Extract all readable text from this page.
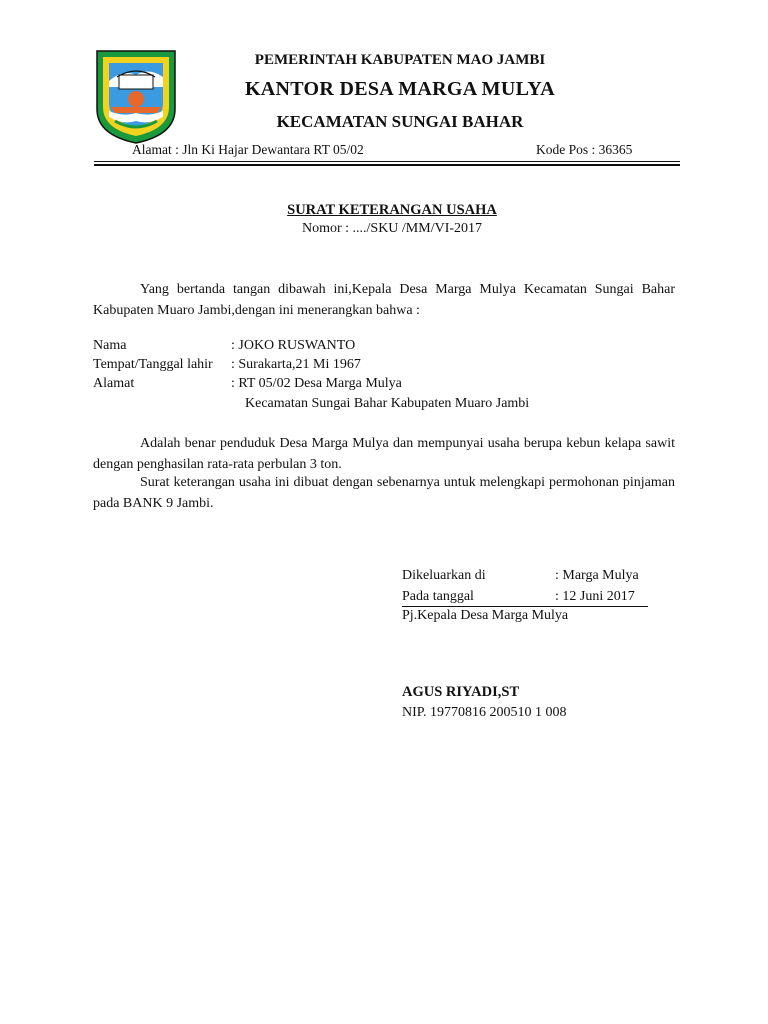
PEMERINTAH KABUPATEN MAO JAMBI
KANTOR DESA MARGA MULYA
KECAMATAN SUNGAI BAHAR
Alamat : Jln Ki Hajar Dewantara RT 05/02	Kode Pos : 36365
SURAT KETERANGAN USAHA
Nomor : ..../SKU /MM/VI-2017
Yang bertanda tangan dibawah ini,Kepala Desa Marga Mulya Kecamatan Sungai Bahar Kabupaten Muaro Jambi,dengan ini menerangkan bahwa :
Nama	: JOKO RUSWANTO
Tempat/Tanggal lahir : Surakarta,21 Mi 1967
Alamat	: RT 05/02 Desa Marga Mulya
Kecamatan Sungai Bahar Kabupaten Muaro Jambi
Adalah benar penduduk Desa Marga Mulya dan mempunyai usaha berupa kebun kelapa sawit dengan penghasilan rata-rata perbulan 3 ton.
Surat keterangan usaha ini dibuat dengan sebenarnya untuk melengkapi permohonan pinjaman pada BANK 9 Jambi.
Dikeluarkan di	: Marga Mulya
Pada tanggal	: 12 Juni 2017
Pj.Kepala Desa Marga Mulya
AGUS RIYADI,ST
NIP. 19770816 200510 1 008
